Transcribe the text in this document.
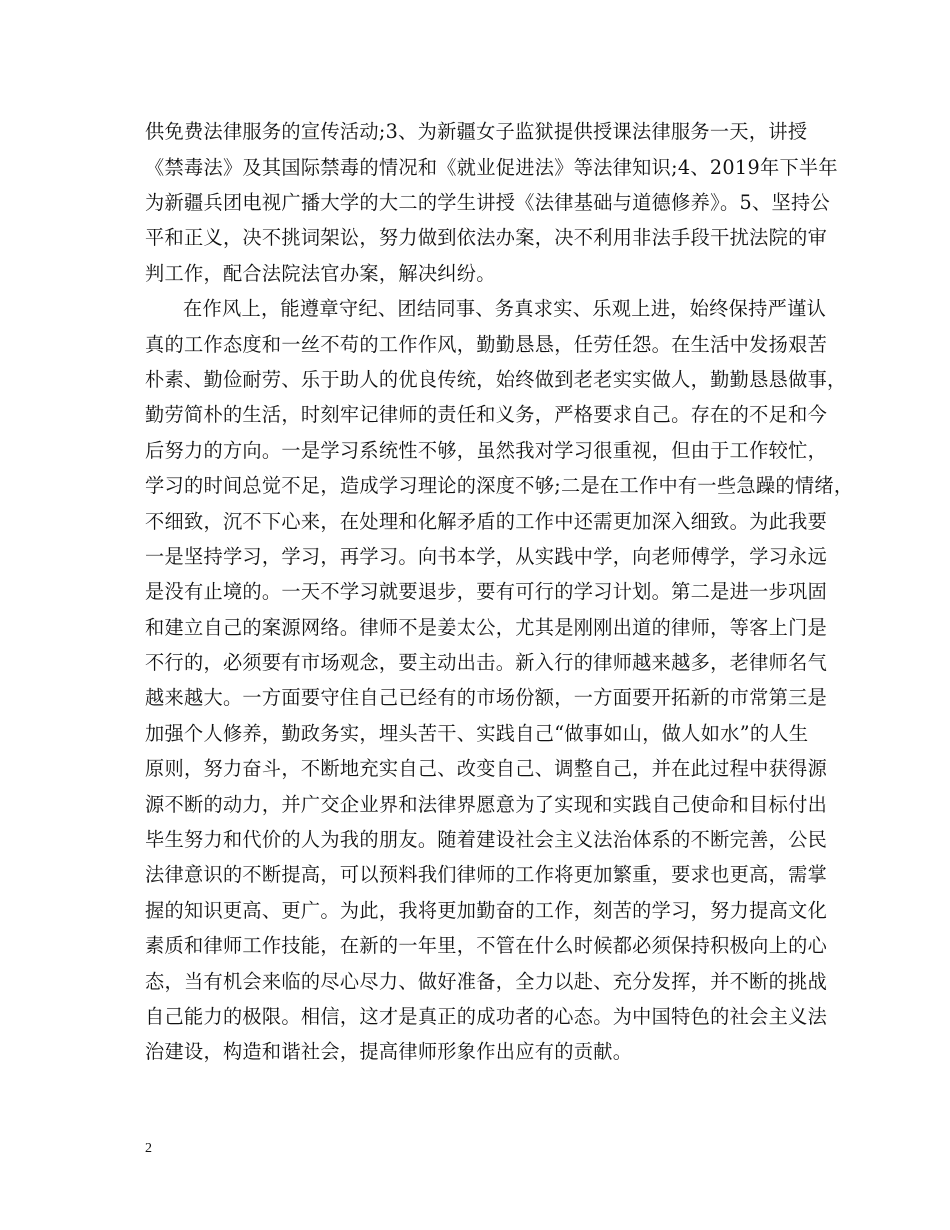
供免费法律服务的宣传活动;3、为新疆女子监狱提供授课法律服务一天，讲授
《禁毒法》及其国际禁毒的情况和《就业促进法》等法律知识;4、2019年下半年
为新疆兵团电视广播大学的大二的学生讲授《法律基础与道德修养》。5、坚持公
平和正义，决不挑词架讼，努力做到依法办案，决不利用非法手段干扰法院的审
判工作，配合法院法官办案，解决纠纷。
在作风上，能遵章守纪、团结同事、务真求实、乐观上进，始终保持严谨认
真的工作态度和一丝不苟的工作作风，勤勤恳恳，任劳任怨。在生活中发扬艰苦
朴素、勤俭耐劳、乐于助人的优良传统，始终做到老老实实做人，勤勤恳恳做事，
勤劳简朴的生活，时刻牢记律师的责任和义务，严格要求自己。存在的不足和今
后努力的方向。一是学习系统性不够，虽然我对学习很重视，但由于工作较忙，
学习的时间总觉不足，造成学习理论的深度不够;二是在工作中有一些急躁的情绪，
不细致，沉不下心来，在处理和化解矛盾的工作中还需更加深入细致。为此我要
一是坚持学习，学习，再学习。向书本学，从实践中学，向老师傅学，学习永远
是没有止境的。一天不学习就要退步，要有可行的学习计划。第二是进一步巩固
和建立自己的案源网络。律师不是姜太公，尤其是刚刚出道的律师，等客上门是
不行的，必须要有市场观念，要主动出击。新入行的律师越来越多，老律师名气
越来越大。一方面要守住自己已经有的市场份额，一方面要开拓新的市常第三是
加强个人修养，勤政务实，埋头苦干、实践自己“做事如山，做人如水”的人生
原则，努力奋斗，不断地充实自己、改变自己、调整自己，并在此过程中获得源
源不断的动力，并广交企业界和法律界愿意为了实现和实践自己使命和目标付出
毕生努力和代价的人为我的朋友。随着建设社会主义法治体系的不断完善，公民
法律意识的不断提高，可以预料我们律师的工作将更加繁重，要求也更高，需掌
握的知识更高、更广。为此，我将更加勤奋的工作，刻苦的学习，努力提高文化
素质和律师工作技能，在新的一年里，不管在什么时候都必须保持积极向上的心
态，当有机会来临的尽心尽力、做好准备，全力以赴、充分发挥，并不断的挑战
自己能力的极限。相信，这才是真正的成功者的心态。为中国特色的社会主义法
治建设，构造和谐社会，提高律师形象作出应有的贡献。
2
